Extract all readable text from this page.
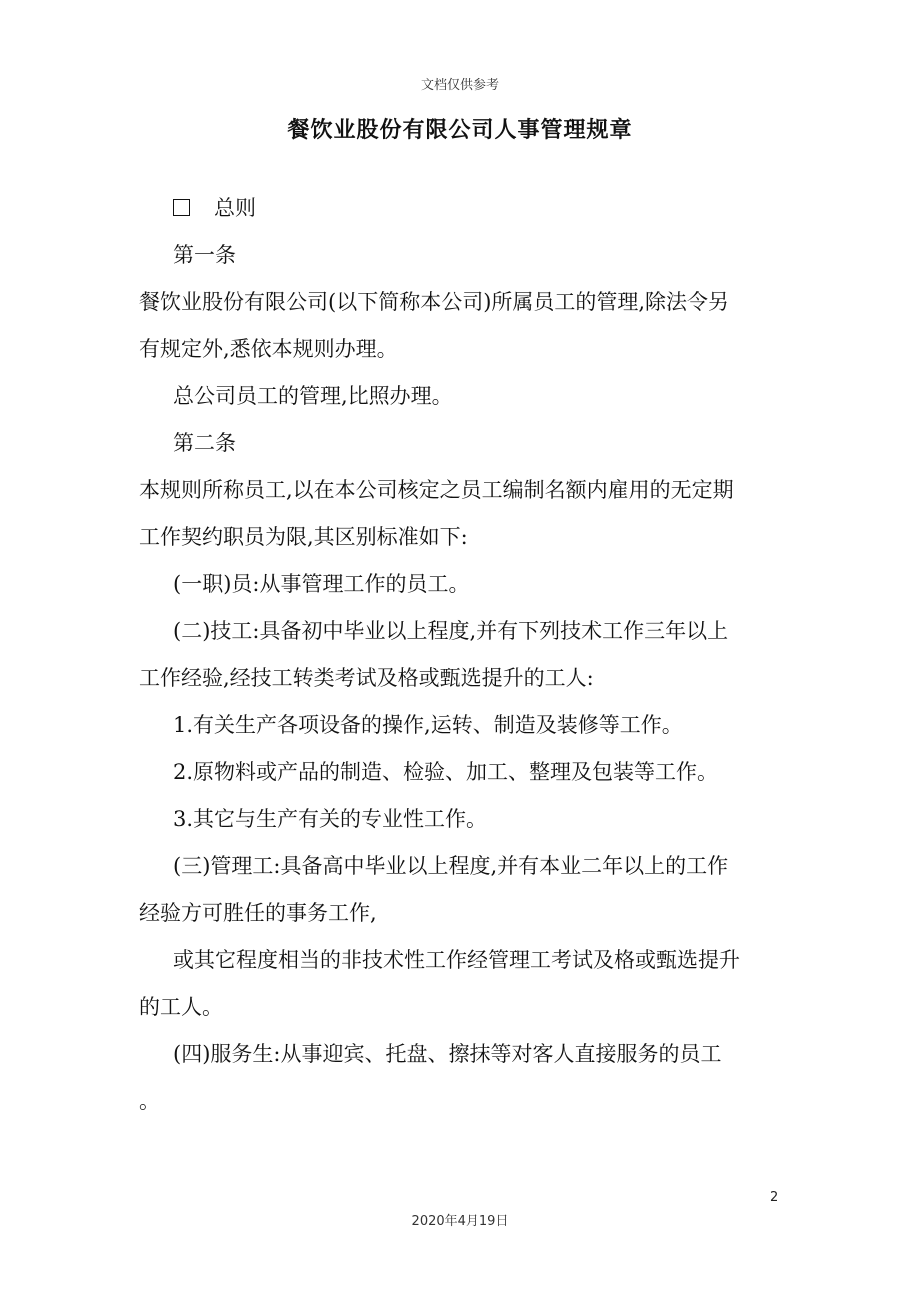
文档仅供参考
餐饮业股份有限公司人事管理规章

总则

第一条

餐饮业股份有限公司(以下简称本公司)所属员工的管理,除法令另

有规定外,悉依本规则办理。

总公司员工的管理,比照办理。

第二条

本规则所称员工,以在本公司核定之员工编制名额内雇用的无定期

工作契约职员为限,其区别标准如下:

(一职)员:从事管理工作的员工。

(二)技工:具备初中毕业以上程度,并有下列技术工作三年以上

工作经验,经技工转类考试及格或甄选提升的工人:

1.有关生产各项设备的操作,运转、制造及装修等工作。

2.原物料或产品的制造、检验、加工、整理及包装等工作。

3.其它与生产有关的专业性工作。

(三)管理工:具备高中毕业以上程度,并有本业二年以上的工作

经验方可胜任的事务工作,

或其它程度相当的非技术性工作经管理工考试及格或甄选提升

的工人。

(四)服务生:从事迎宾、托盘、擦抹等对客人直接服务的员工

。

2
2020年4月19日
